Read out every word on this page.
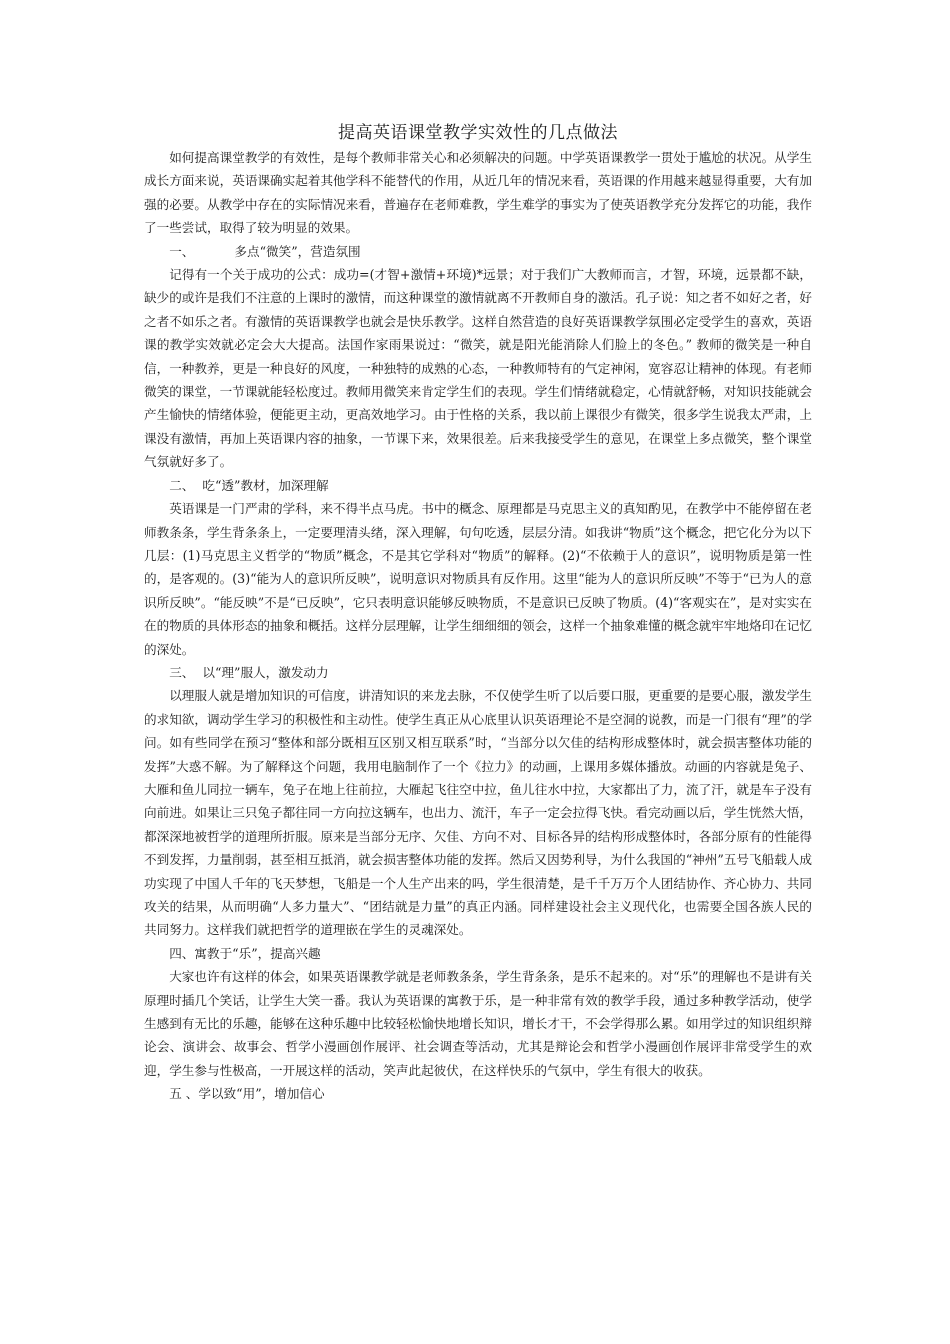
提高英语课堂教学实效性的几点做法

如何提高课堂教学的有效性，是每个教师非常关心和必须解决的问题。中学英语课教学一贯处于尴尬的状况。从学生成长方面来说，英语课确实起着其他学科不能替代的作用，从近几年的情况来看，英语课的作用越来越显得重要，大有加强的必要。从教学中存在的实际情况来看，普遍存在老师难教，学生难学的事实为了使英语教学充分发挥它的功能，我作了一些尝试，取得了较为明显的效果。

一、          多点“微笑”，营造氛围

记得有一个关于成功的公式：成功=(才智+激情+环境)*远景；对于我们广大教师而言，才智，环境，远景都不缺，缺少的或许是我们不注意的上课时的激情，而这种课堂的激情就离不开教师自身的激活。孔子说：知之者不如好之者，好之者不如乐之者。有激情的英语课教学也就会是快乐教学。这样自然营造的良好英语课教学氛围必定受学生的喜欢，英语课的教学实效就必定会大大提高。法国作家雨果说过：“微笑，就是阳光能消除人们脸上的冬色。” 教师的微笑是一种自信，一种教养，更是一种良好的风度，一种独特的成熟的心态，一种教师特有的气定神闲，宽容忍让精神的体现。有老师微笑的课堂，一节课就能轻松度过。教师用微笑来肯定学生们的表现。学生们情绪就稳定，心情就舒畅，对知识技能就会产生愉快的情绪体验，便能更主动，更高效地学习。由于性格的关系，我以前上课很少有微笑，很多学生说我太严肃，上课没有激情，再加上英语课内容的抽象，一节课下来，效果很差。后来我接受学生的意见，在课堂上多点微笑，整个课堂气氛就好多了。

二、  吃“透”教材，加深理解

英语课是一门严肃的学科，来不得半点马虎。书中的概念、原理都是马克思主义的真知酌见，在教学中不能停留在老师教条条，学生背条条上，一定要理清头绪，深入理解，句句吃透，层层分清。如我讲“物质”这个概念，把它化分为以下几层：(1)马克思主义哲学的“物质”概念，不是其它学科对“物质”的解释。(2)“不依赖于人的意识”，说明物质是第一性的，是客观的。(3)“能为人的意识所反映”，说明意识对物质具有反作用。这里“能为人的意识所反映”不等于“已为人的意识所反映”。“能反映”不是“已反映”，它只表明意识能够反映物质，不是意识已反映了物质。(4)“客观实在”，是对实实在在的物质的具体形态的抽象和概括。这样分层理解，让学生细细细的领会，这样一个抽象难懂的概念就牢牢地烙印在记忆的深处。

三、  以“理”服人，激发动力

以理服人就是增加知识的可信度，讲清知识的来龙去脉，不仅使学生听了以后要口服，更重要的是要心服，激发学生的求知欲，调动学生学习的积极性和主动性。使学生真正从心底里认识英语理论不是空洞的说教，而是一门很有“理”的学问。如有些同学在预习“整体和部分既相互区别又相互联系”时，“当部分以欠佳的结构形成整体时，就会损害整体功能的发挥”大惑不解。为了解释这个问题，我用电脑制作了一个《拉力》的动画，上课用多媒体播放。动画的内容就是兔子、大雁和鱼儿同拉一辆车，兔子在地上往前拉，大雁起飞往空中拉，鱼儿往水中拉，大家都出了力，流了汗，就是车子没有向前进。如果让三只兔子都往同一方向拉这辆车，也出力、流汗，车子一定会拉得飞快。看完动画以后，学生恍然大悟，都深深地被哲学的道理所折服。原来是当部分无序、欠佳、方向不对、目标各异的结构形成整体时，各部分原有的性能得不到发挥，力量削弱，甚至相互抵消，就会损害整体功能的发挥。然后又因势利导，为什么我国的“神州”五号飞船载人成功实现了中国人千年的飞天梦想，飞船是一个人生产出来的吗，学生很清楚，是千千万万个人团结协作、齐心协力、共同攻关的结果，从而明确“人多力量大”、“团结就是力量”的真正内涵。同样建设社会主义现代化，也需要全国各族人民的共同努力。这样我们就把哲学的道理嵌在学生的灵魂深处。

四、寓教于“乐”，提高兴趣

大家也许有这样的体会，如果英语课教学就是老师教条条，学生背条条，是乐不起来的。对“乐”的理解也不是讲有关原理时插几个笑话，让学生大笑一番。我认为英语课的寓教于乐，是一种非常有效的教学手段，通过多种教学活动，使学生感到有无比的乐趣，能够在这种乐趣中比较轻松愉快地增长知识，增长才干，不会学得那么累。如用学过的知识组织辩论会、演讲会、故事会、哲学小漫画创作展评、社会调查等活动，尤其是辩论会和哲学小漫画创作展评非常受学生的欢迎，学生参与性极高，一开展这样的活动，笑声此起彼伏，在这样快乐的气氛中，学生有很大的收获。

五 、学以致“用”，增加信心
